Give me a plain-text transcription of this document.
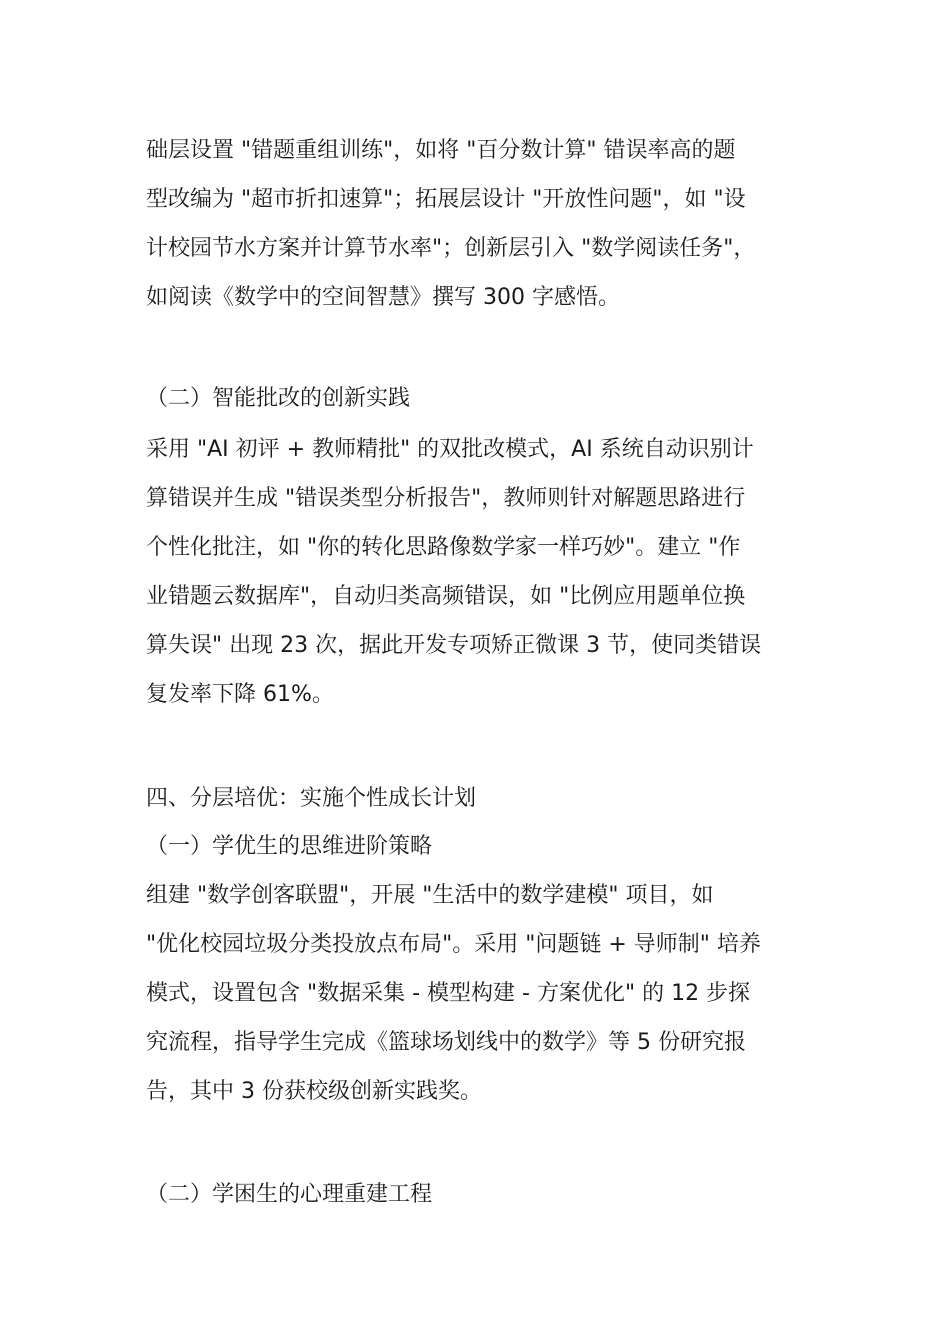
础层设置 "错题重组训练"，如将 "百分数计算" 错误率高的题
型改编为 "超市折扣速算"；拓展层设计 "开放性问题"，如 "设
计校园节水方案并计算节水率"；创新层引入 "数学阅读任务"，
如阅读《数学中的空间智慧》撰写 300 字感悟。
（二）智能批改的创新实践
采用 "AI 初评 + 教师精批" 的双批改模式，AI 系统自动识别计
算错误并生成 "错误类型分析报告"，教师则针对解题思路进行
个性化批注，如 "你的转化思路像数学家一样巧妙"。建立 "作
业错题云数据库"，自动归类高频错误，如 "比例应用题单位换
算失误" 出现 23 次，据此开发专项矫正微课 3 节，使同类错误
复发率下降 61%。
四、分层培优：实施个性成长计划
（一）学优生的思维进阶策略
组建 "数学创客联盟"，开展 "生活中的数学建模" 项目，如
"优化校园垃圾分类投放点布局"。采用 "问题链 + 导师制" 培养
模式，设置包含 "数据采集 - 模型构建 - 方案优化" 的 12 步探
究流程，指导学生完成《篮球场划线中的数学》等 5 份研究报
告，其中 3 份获校级创新实践奖。
（二）学困生的心理重建工程
